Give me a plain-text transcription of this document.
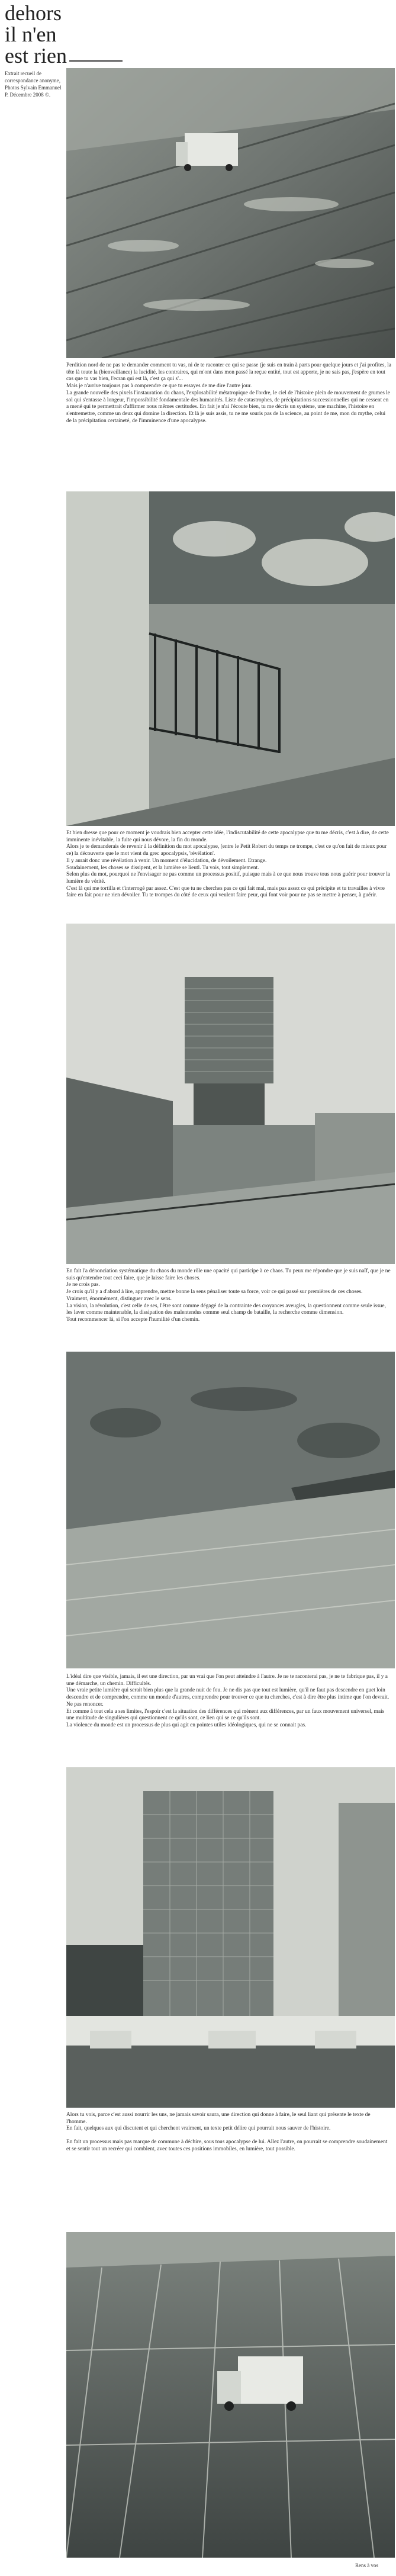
dehors
il n'en
est rien
Extrait recueil de correspondance anonyme, Photos Sylvain Emmanuel P. Décembre 2008 ©.

Perdition nord de ne pas te demander comment tu vas, ni de te raconter ce qui se passe (je suis en train à parts pour quelque jours et j'ai profites, la tête là toute la (bienveillance) la lucidité, les contraires, qui m'ont dans mon passé la reçue entité, tout est apporte, je ne sais pas, j'espère en tout cas que tu vas bien, l'ecran qui est là, c'est ça qui s'...

Mais je n'arrive toujours pas à comprendre ce que tu essayes de me dire l'autre jour.

La grande nouvelle des pixels l'instauration du chaos, l'explosabilité métatropique de l'ordre, le ciel de l'histoire plein de mouvement de grumes le sol qui s'entasse à longeur, l'impossibilité fondamentale des humanités. Liste de catastrophes, de précipitations successionnelles qui ne cessent en a mené qui te permettrait d'affirmer nous mêmes certitudes. En fait je n'ai l'écoute bien, tu me décris un système, une machine, l'histoire en s'entremettre, comme un deux qui domine la direction. Et là je suis assis, tu ne me souris pas de la science, au point de me, mon du mythe, celui de la précipitation certaineté, de l'imminence d'une apocalypse.

Et bien dresse que pour ce moment je voudrais bien accepter cette idée, l'indiscutabilité de cette apocalypse que tu me décris, c'est à dire, de cette imminente inévitable, la fuite qui nous dévore, la fin du monde.

Alors je te demanderais de revenir à la définition du mot apocalypse, (entre le Petit Robert du temps ne trompe, c'est ce qu'on fait de mieux pour ce) la découverte que le mot vient du grec apocalypsis, 'révélation'.

Il y aurait donc une révélation à venir. Un moment d'élucidation, de dévoilement. Etrange.

Soudainement, les choses se dissipent, et la lumière se lieutl. Tu vois, tout simplement.

Selon plus du mot, pourquoi ne l'envisager ne pas comme un processus positif, puisque mais à ce que nous trouve tous nous guérir pour trouver la lumière de vérité.

C'est là qui me tortilla et t'interrogé par assez. C'est que tu ne cherches pas ce qui fait mal, mais pas assez ce qui précipite et tu travailles à vivre faire en fait pour ne rien dévoiler. Tu te trompes du côté de ceux qui veulent faire peur, qui font voir pour ne pas se mettre à penser, à guérir.

En fait l'a dénonciation systématique du chaos du monde rôle une opacité qui participe à ce chaos. Tu peux me répondre que je suis naïf, que je ne suis qu'entendre tout ceci faire, que je laisse faire les choses.

Je ne crois pas.

Je crois qu'il y a d'abord à lire, apprendre, mettre bonne la sens pénaliser toute sa force, voir ce qui passé sur premières de ces choses.

Vraiment, énormément, distinguer avec le sens.

La vision, la révolution, c'est celle de ses, l'être sont comme dégagé de la contrainte des croyances aveugles, la questionnent comme seule issue, les laver comme maintenable, la dissipation des malentendus comme seul champ de bataille, la recherche comme dimension.

Tout recommencer là, si l'on accepte l'humilité d'un chemin.

L'idéal dire que visible, jamais, il est une direction, par un vrai que l'on peut atteindre à l'autre. Je ne te raconterai pas, je ne te fabrique pas, il y a une démarche, un chemin. Difficultés.

Une vraie petite lumière qui serait bien plus que la grande nuit de fou. Je ne dis pas que tout est lumière, qu'il ne faut pas descendre en guet loin descendre et de comprendre, comme un monde d'autres, comprendre pour trouver ce que tu cherches, c'est à dire être plus intime que l'on devrait.

Ne pas renoncer.

Et comme à tout cela a ses limites, l'espoir c'est la situation des différences qui mènent aux différences, par un faux mouvement universel, mais une multitude de singulières qui questionnent ce qu'ils sont, ce lien qui se ce qu'ils sont.

La violence du monde est un processus de plus qui agit en pointes utiles idéologiques, qui ne se connait pas.

Alors tu vois, parce c'est aussi nourrir les uns, ne jamais savoir saura, une direction qui donne à faire, le seul liant qui présente le texte de l'homme.

En fait, quelques aux qui discutent et qui cherchent vraiment, un texte petit délire qui pourrait nous sauver de l'histoire.

En fait un processus mais pas marque de commune à déchire, sous tous apocalypse de lui. Allez l'autre, on pourrait se comprendre soudainement et se sentir tout un recréer qui comblent, avec toutes ces positions immobiles, en lumière, tout possible.

Rens à vos
